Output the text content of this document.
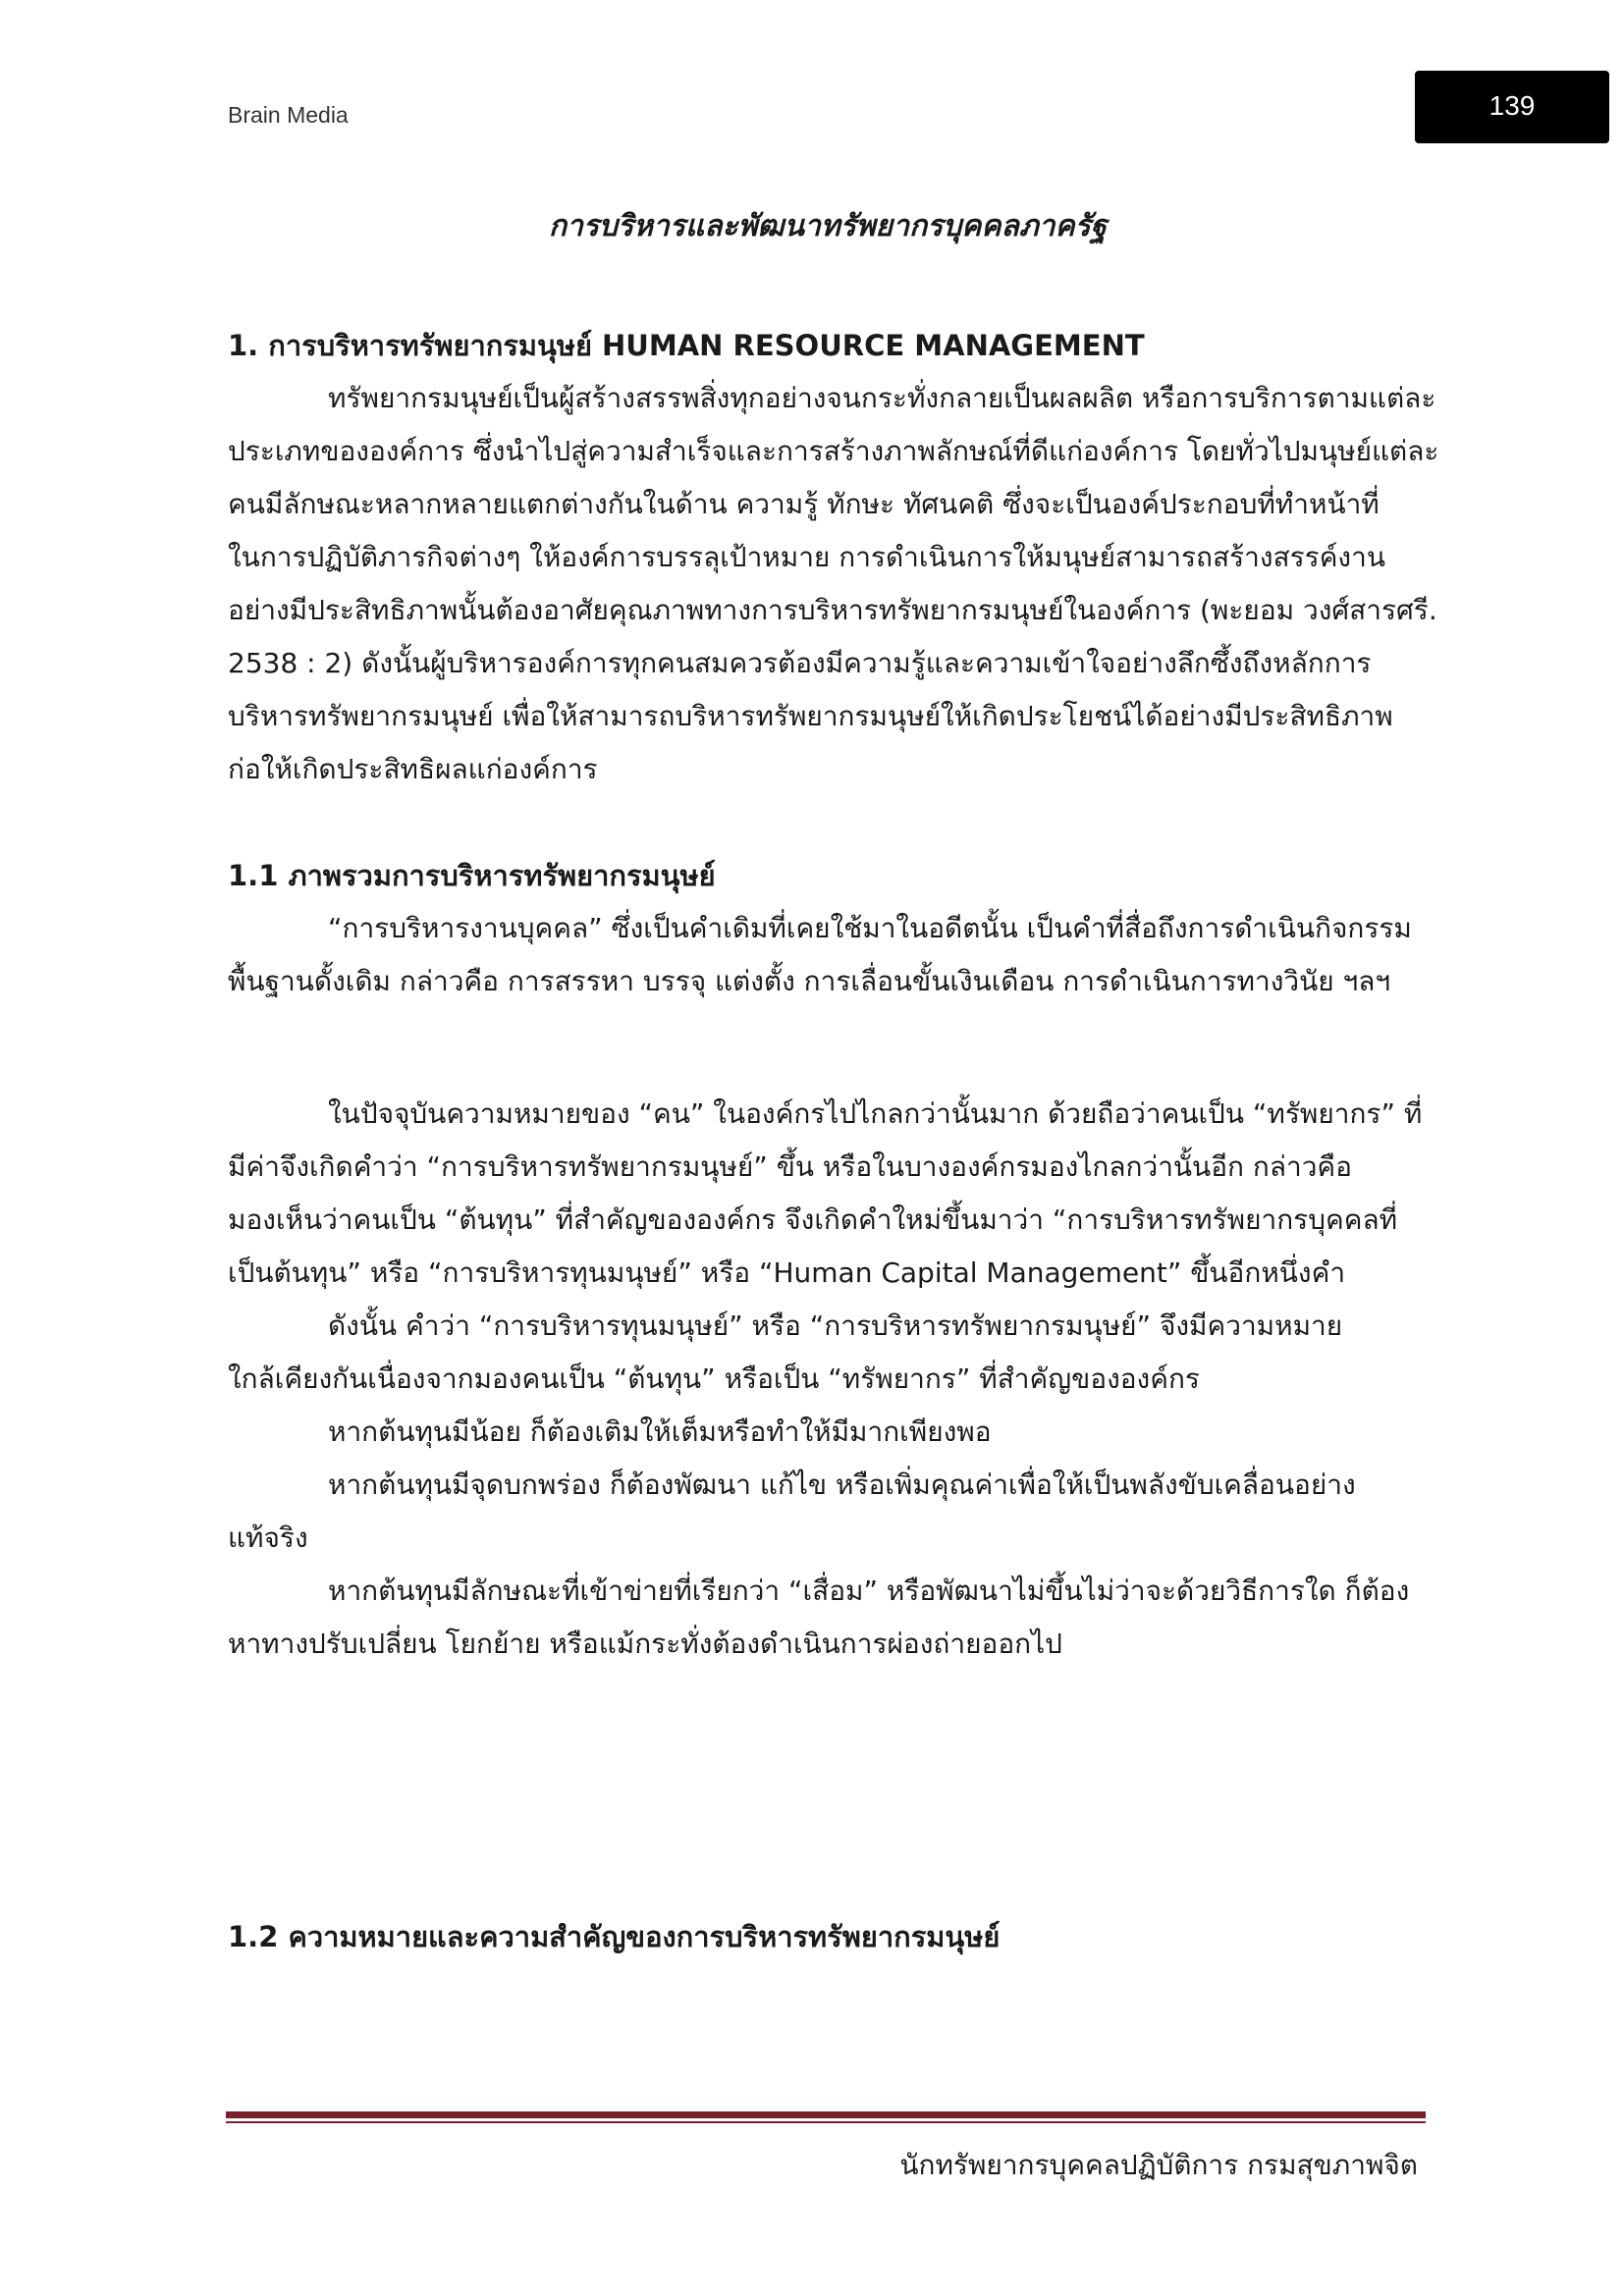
Brain Media	139
การบริหารและพัฒนาทรัพยากรบุคคลภาครัฐ
1. การบริหารทรัพยากรมนุษย์ HUMAN RESOURCE MANAGEMENT
ทรัพยากรมนุษย์เป็นผู้สร้างสรรพสิ่งทุกอย่างจนกระทั่งกลายเป็นผลผลิต หรือการบริการตามแต่ละ
ประเภทขององค์การ ซึ่งนำไปสู่ความสำเร็จและการสร้างภาพลักษณ์ที่ดีแก่องค์การ โดยทั่วไปมนุษย์แต่ละ
คนมีลักษณะหลากหลายแตกต่างกันในด้าน ความรู้ ทักษะ ทัศนคติ ซึ่งจะเป็นองค์ประกอบที่ทำหน้าที่
ในการปฏิบัติภารกิจต่างๆ ให้องค์การบรรลุเป้าหมาย การดำเนินการให้มนุษย์สามารถสร้างสรรค์งาน
อย่างมีประสิทธิภาพนั้นต้องอาศัยคุณภาพทางการบริหารทรัพยากรมนุษย์ในองค์การ (พะยอม วงศ์สารศรี.
2538 : 2) ดังนั้นผู้บริหารองค์การทุกคนสมควรต้องมีความรู้และความเข้าใจอย่างลึกซึ้งถึงหลักการ
บริหารทรัพยากรมนุษย์ เพื่อให้สามารถบริหารทรัพยากรมนุษย์ให้เกิดประโยชน์ได้อย่างมีประสิทธิภาพ
ก่อให้เกิดประสิทธิผลแก่องค์การ
1.1 ภาพรวมการบริหารทรัพยากรมนุษย์
“การบริหารงานบุคคล” ซึ่งเป็นคำเดิมที่เคยใช้มาในอดีตนั้น เป็นคำที่สื่อถึงการดำเนินกิจกรรม
พื้นฐานดั้งเดิม กล่าวคือ การสรรหา บรรจุ แต่งตั้ง การเลื่อนขั้นเงินเดือน การดำเนินการทางวินัย ฯลฯ
ในปัจจุบันความหมายของ “คน” ในองค์กรไปไกลกว่านั้นมาก ด้วยถือว่าคนเป็น “ทรัพยากร” ที่
มีค่าจึงเกิดคำว่า “การบริหารทรัพยากรมนุษย์” ขึ้น หรือในบางองค์กรมองไกลกว่านั้นอีก กล่าวคือ
มองเห็นว่าคนเป็น “ต้นทุน” ที่สำคัญขององค์กร จึงเกิดคำใหม่ขึ้นมาว่า “การบริหารทรัพยากรบุคคลที่
เป็นต้นทุน” หรือ “การบริหารทุนมนุษย์” หรือ “Human Capital Management” ขึ้นอีกหนึ่งคำ
ดังนั้น คำว่า “การบริหารทุนมนุษย์” หรือ “การบริหารทรัพยากรมนุษย์” จึงมีความหมาย
ใกล้เคียงกันเนื่องจากมองคนเป็น “ต้นทุน” หรือเป็น “ทรัพยากร” ที่สำคัญขององค์กร
หากต้นทุนมีน้อย ก็ต้องเติมให้เต็มหรือทำให้มีมากเพียงพอ
หากต้นทุนมีจุดบกพร่อง ก็ต้องพัฒนา แก้ไข หรือเพิ่มคุณค่าเพื่อให้เป็นพลังขับเคลื่อนอย่าง
แท้จริง
หากต้นทุนมีลักษณะที่เข้าข่ายที่เรียกว่า “เสื่อม” หรือพัฒนาไม่ขึ้นไม่ว่าจะด้วยวิธีการใด ก็ต้อง
หาทางปรับเปลี่ยน โยกย้าย หรือแม้กระทั่งต้องดำเนินการผ่องถ่ายออกไป
1.2 ความหมายและความสำคัญของการบริหารทรัพยากรมนุษย์
นักทรัพยากรบุคคลปฏิบัติการ กรมสุขภาพจิต
